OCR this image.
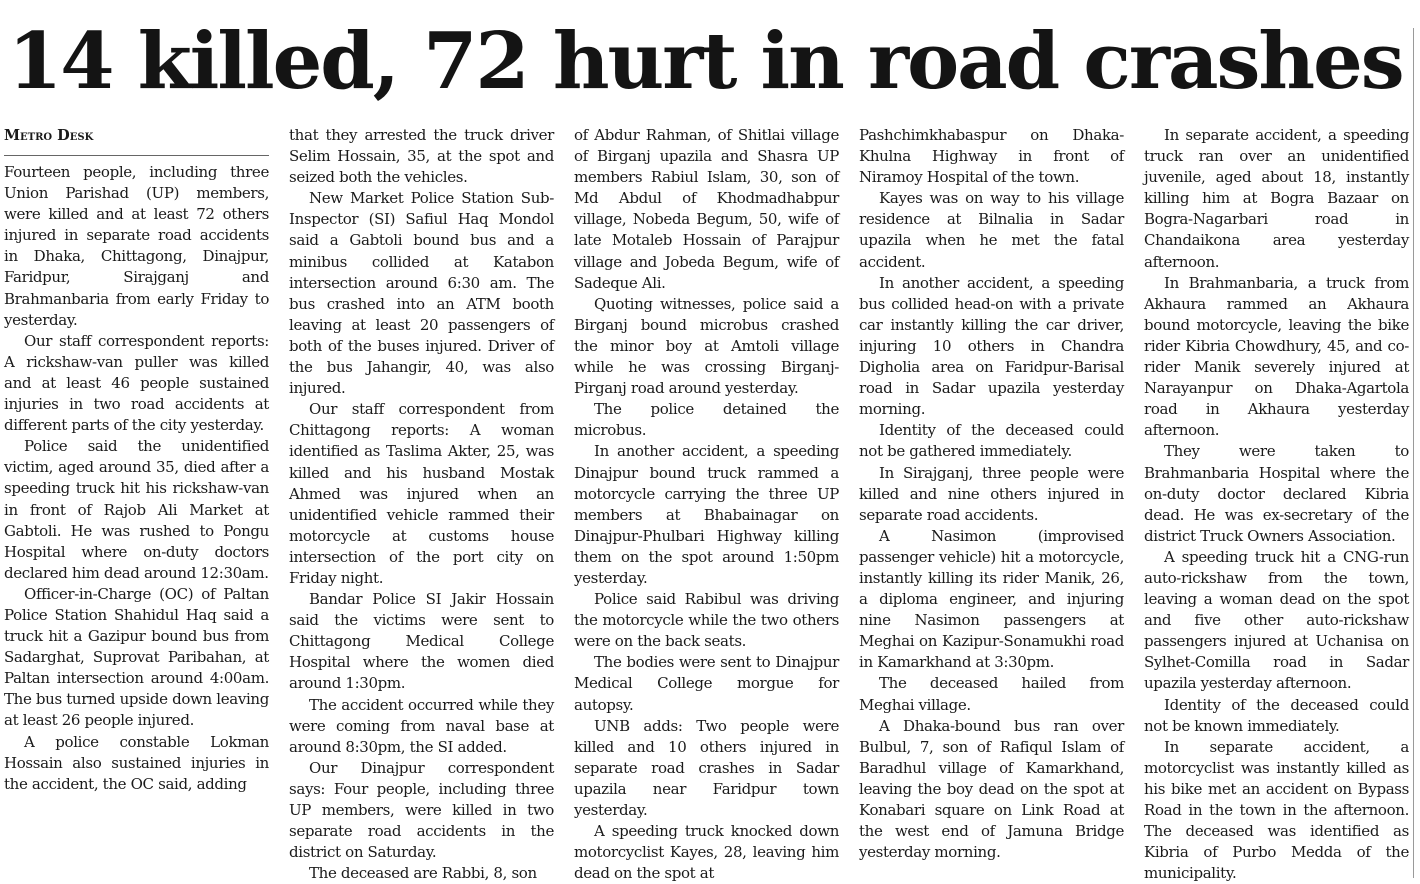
14 killed, 72 hurt in road crashes
Metro Desk

Fourteen people, including three Union Parishad (UP) members, were killed and at least 72 others injured in separate road accidents in Dhaka, Chittagong, Dinajpur, Faridpur, Sirajganj and Brahmanbaria from early Friday to yesterday.

Our staff correspondent reports: A rickshaw-van puller was killed and at least 46 people sustained injuries in two road accidents at different parts of the city yesterday.

Police said the unidentified victim, aged around 35, died after a speeding truck hit his rickshaw-van in front of Rajob Ali Market at Gabtoli. He was rushed to Pongu Hospital where on-duty doctors declared him dead around 12:30am.

Officer-in-Charge (OC) of Paltan Police Station Shahidul Haq said a truck hit a Gazipur bound bus from Sadarghat, Suprovat Paribahan, at Paltan intersection around 4:00am. The bus turned upside down leaving at least 26 people injured.

A police constable Lokman Hossain also sustained injuries in the accident, the OC said, adding

that they arrested the truck driver Selim Hossain, 35, at the spot and seized both the vehicles.

New Market Police Station Sub-Inspector (SI) Safiul Haq Mondol said a Gabtoli bound bus and a minibus collided at Katabon intersection around 6:30 am. The bus crashed into an ATM booth leaving at least 20 passengers of both of the buses injured. Driver of the bus Jahangir, 40, was also injured.

Our staff correspondent from Chittagong reports: A woman identified as Taslima Akter, 25, was killed and his husband Mostak Ahmed was injured when an unidentified vehicle rammed their motorcycle at customs house intersection of the port city on Friday night.

Bandar Police SI Jakir Hossain said the victims were sent to Chittagong Medical College Hospital where the women died around 1:30pm.

The accident occurred while they were coming from naval base at around 8:30pm, the SI added.

Our Dinajpur correspondent says: Four people, including three UP members, were killed in two separate road accidents in the district on Saturday.

The deceased are Rabbi, 8, son

of Abdur Rahman, of Shitlai village of Birganj upazila and Shasra UP members Rabiul Islam, 30, son of Md Abdul of Khodmadhabpur village, Nobeda Begum, 50, wife of late Motaleb Hossain of Parajpur village and Jobeda Begum, wife of Sadeque Ali.

Quoting witnesses, police said a Birganj bound microbus crashed the minor boy at Amtoli village while he was crossing Birganj-Pirganj road around yesterday.

The police detained the microbus.

In another accident, a speeding Dinajpur bound truck rammed a motorcycle carrying the three UP members at Bhabainagar on Dinajpur-Phulbari Highway killing them on the spot around 1:50pm yesterday.

Police said Rabibul was driving the motorcycle while the two others were on the back seats.

The bodies were sent to Dinajpur Medical College morgue for autopsy.

UNB adds: Two people were killed and 10 others injured in separate road crashes in Sadar upazila near Faridpur town yesterday.

A speeding truck knocked down motorcyclist Kayes, 28, leaving him dead on the spot at

Pashchimkhabaspur on Dhaka-Khulna Highway in front of Niramoy Hospital of the town.

Kayes was on way to his village residence at Bilnalia in Sadar upazila when he met the fatal accident.

In another accident, a speeding bus collided head-on with a private car instantly killing the car driver, injuring 10 others in Chandra Digholia area on Faridpur-Barisal road in Sadar upazila yesterday morning.

Identity of the deceased could not be gathered immediately.

In Sirajganj, three people were killed and nine others injured in separate road accidents.

A Nasimon (improvised passenger vehicle) hit a motorcycle, instantly killing its rider Manik, 26, a diploma engineer, and injuring nine Nasimon passengers at Meghai on Kazipur-Sonamukhi road in Kamarkhand at 3:30pm.

The deceased hailed from Meghai village.

A Dhaka-bound bus ran over Bulbul, 7, son of Rafiqul Islam of Baradhul village of Kamarkhand, leaving the boy dead on the spot at Konabari square on Link Road at the west end of Jamuna Bridge yesterday morning.

In separate accident, a speeding truck ran over an unidentified juvenile, aged about 18, instantly killing him at Bogra Bazaar on Bogra-Nagarbari road in Chandaikona area yesterday afternoon.

In Brahmanbaria, a truck from Akhaura rammed an Akhaura bound motorcycle, leaving the bike rider Kibria Chowdhury, 45, and co-rider Manik severely injured at Narayanpur on Dhaka-Agartola road in Akhaura yesterday afternoon.

They were taken to Brahmanbaria Hospital where the on-duty doctor declared Kibria dead. He was ex-secretary of the district Truck Owners Association.

A speeding truck hit a CNG-run auto-rickshaw from the town, leaving a woman dead on the spot and five other auto-rickshaw passengers injured at Uchanisa on Sylhet-Comilla road in Sadar upazila yesterday afternoon.

Identity of the deceased could not be known immediately.

In separate accident, a motorcyclist was instantly killed as his bike met an accident on Bypass Road in the town in the afternoon. The deceased was identified as Kibria of Purbo Medda of the municipality.
